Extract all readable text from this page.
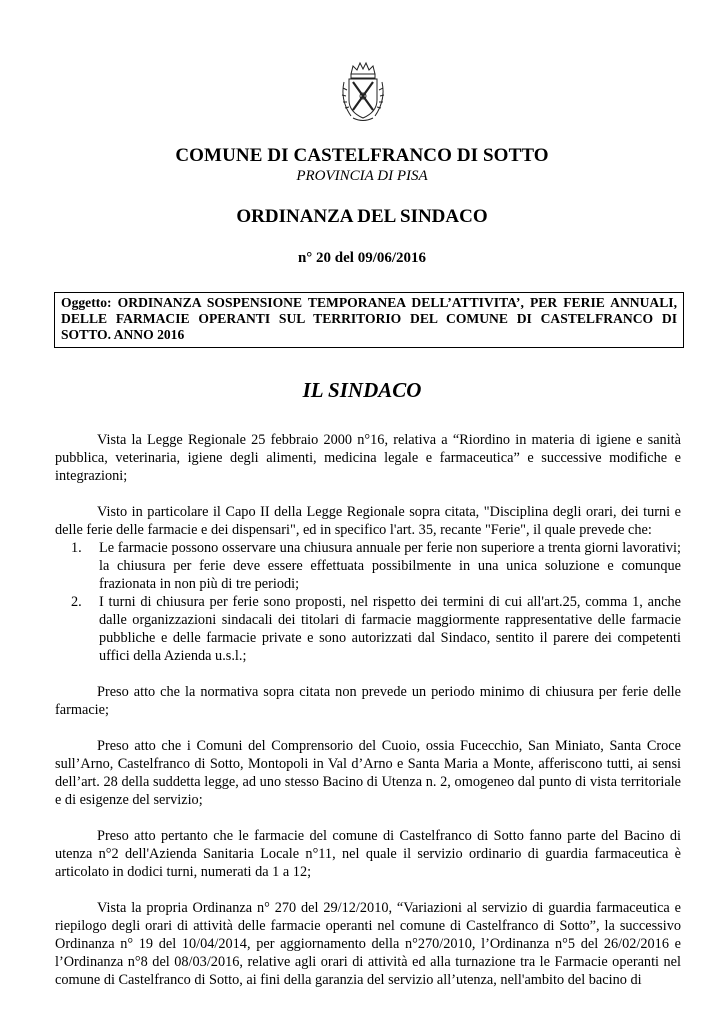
COMUNE DI CASTELFRANCO DI SOTTO
PROVINCIA DI PISA
ORDINANZA DEL SINDACO
n° 20 del 09/06/2016
Oggetto: ORDINANZA SOSPENSIONE TEMPORANEA DELL’ATTIVITA’, PER FERIE ANNUALI, DELLE FARMACIE OPERANTI SUL TERRITORIO DEL COMUNE DI CASTELFRANCO DI SOTTO. ANNO 2016
IL SINDACO

Vista la Legge Regionale 25 febbraio 2000 n°16, relativa a “Riordino in materia di igiene e sanità pubblica, veterinaria, igiene degli alimenti, medicina legale e farmaceutica” e successive modifiche e integrazioni;

Visto in particolare il Capo II della Legge Regionale sopra citata, "Disciplina degli orari, dei turni e delle ferie delle farmacie e dei dispensari", ed in specifico l'art. 35, recante "Ferie", il quale prevede che:

1. Le farmacie possono osservare una chiusura annuale per ferie non superiore a trenta giorni lavorativi; la chiusura per ferie deve essere effettuata possibilmente in una unica soluzione e comunque frazionata in non più di tre periodi;
2. I turni di chiusura per ferie sono proposti, nel rispetto dei termini di cui all'art.25, comma 1, anche dalle organizzazioni sindacali dei titolari di farmacie maggiormente rappresentative delle farmacie pubbliche e delle farmacie private e sono autorizzati dal Sindaco, sentito il parere dei competenti uffici della Azienda u.s.l.;

Preso atto che la normativa sopra citata non prevede un periodo minimo di chiusura per ferie delle farmacie;

Preso atto che i Comuni del Comprensorio del Cuoio, ossia Fucecchio, San Miniato, Santa Croce sull’Arno, Castelfranco di Sotto, Montopoli in Val d’Arno e Santa Maria a Monte, afferiscono tutti, ai sensi dell’art. 28 della suddetta legge, ad uno stesso Bacino di Utenza n. 2, omogeneo dal punto di vista territoriale e di esigenze del servizio;

Preso atto pertanto che le farmacie del comune di Castelfranco di Sotto fanno parte del Bacino di utenza n°2 dell'Azienda Sanitaria Locale n°11, nel quale il servizio ordinario di guardia farmaceutica è articolato in dodici turni, numerati da 1 a 12;

Vista la propria Ordinanza n° 270 del 29/12/2010, “Variazioni al servizio di guardia farmaceutica e riepilogo degli orari di attività delle farmacie operanti nel comune di Castelfranco di Sotto”, la successivo Ordinanza n° 19 del 10/04/2014, per aggiornamento della n°270/2010, l’Ordinanza n°5 del 26/02/2016 e l’Ordinanza n°8 del 08/03/2016, relative agli orari di attività ed alla turnazione tra le Farmacie operanti nel comune di Castelfranco di Sotto, ai fini della garanzia del servizio all’utenza, nell'ambito del bacino di
